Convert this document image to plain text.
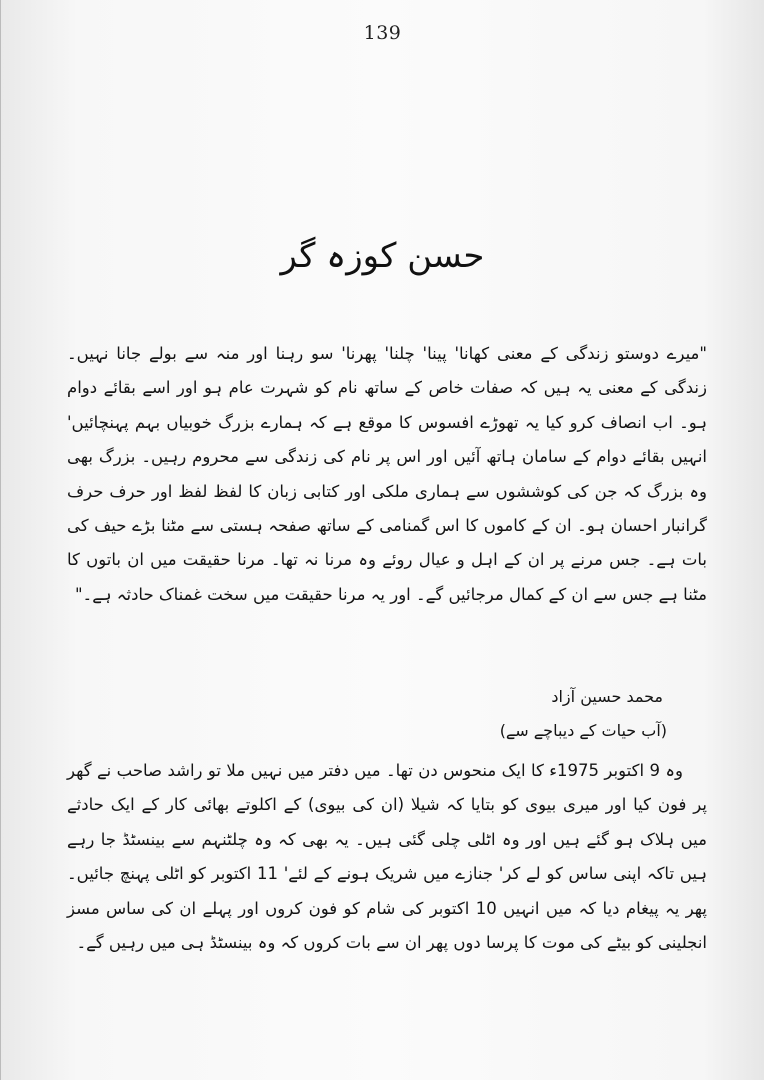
139
حسن کوزہ گر

"میرے دوستو زندگی کے معنی کھانا' پینا' چلنا' پھرنا' سو رہنا اور منہ سے بولے جانا نہیں۔ زندگی کے معنی یہ ہیں کہ صفات خاص کے ساتھ نام کو شہرت عام ہو اور اسے بقائے دوام ہو۔ اب انصاف کرو کیا یہ تھوڑے افسوس کا موقع ہے کہ ہمارے بزرگ خوبیاں بہم پہنچائیں' انہیں بقائے دوام کے سامان ہاتھ آئیں اور اس پر نام کی زندگی سے محروم رہیں۔ بزرگ بھی وہ بزرگ کہ جن کی کوششوں سے ہماری ملکی اور کتابی زبان کا لفظ لفظ اور حرف حرف گرانبار احسان ہو۔ ان کے کاموں کا اس گمنامی کے ساتھ صفحہ ہستی سے مٹنا بڑے حیف کی بات ہے۔ جس مرنے پر ان کے اہل و عیال روئے وہ مرنا نہ تھا۔ مرنا حقیقت میں ان باتوں کا مٹنا ہے جس سے ان کے کمال مرجائیں گے۔ اور یہ مرنا حقیقت میں سخت غمناک حادثہ ہے۔"

محمد حسین آزاد
(آب حیات کے دیباچے سے)

وہ 9 اکتوبر 1975ء کا ایک منحوس دن تھا۔ میں دفتر میں نہیں ملا تو راشد صاحب نے گھر پر فون کیا اور میری بیوی کو بتایا کہ شیلا (ان کی بیوی) کے اکلوتے بھائی کار کے ایک حادثے میں ہلاک ہو گئے ہیں اور وہ اٹلی چلی گئی ہیں۔ یہ بھی کہ وہ چلٹنہم سے بینسٹڈ جا رہے ہیں تاکہ اپنی ساس کو لے کر' جنازے میں شریک ہونے کے لئے' 11 اکتوبر کو اٹلی پہنچ جائیں۔ پھر یہ پیغام دیا کہ میں انہیں 10 اکتوبر کی شام کو فون کروں اور پہلے ان کی ساس مسز انجلینی کو بیٹے کی موت کا پرسا دوں پھر ان سے بات کروں کہ وہ بینسٹڈ ہی میں رہیں گے۔
